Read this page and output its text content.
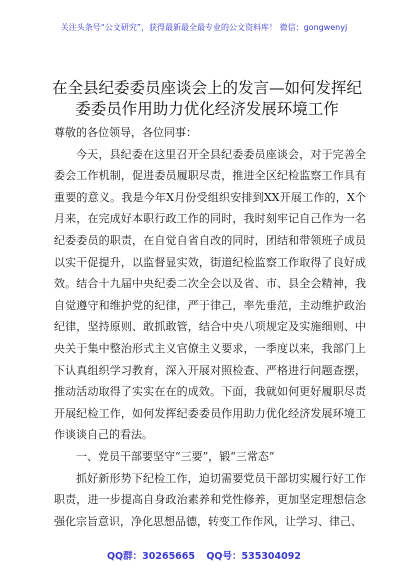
关注头条号“公文研究”，获得最新最全最专业的公文资料库！ 微信：gongwenyj
在全县纪委委员座谈会上的发言—如何发挥纪委委员作用助力优化经济发展环境工作

尊敬的各位领导，各位同事：

今天，县纪委在这里召开全县纪委委员座谈会，对于完善全委会工作机制，促进委员履职尽责，推进全区纪检监察工作具有重要的意义。我是今年X月份受组织安排到XX开展工作的，X个月来，在完成好本职行政工作的同时，我时刻牢记自己作为一名纪委委员的职责，在自觉自省自改的同时，团结和带领班子成员以实干促提升，以监督显实效，街道纪检监察工作取得了良好成效。结合十九届中央纪委二次全会以及省、市、县全会精神，我自觉遵守和维护党的纪律，严于律己，率先垂范，主动维护政治纪律，坚持原则、敢抓敢管，结合中央八项规定及实施细则、中央关于集中整治形式主义官僚主义要求，一季度以来，我部门上下认真组织学习教育，深入开展对照检查、严格进行问题查摆，推动活动取得了实实在在的成效。下面，我就如何更好履职尽责开展纪检工作，如何发挥纪委委员作用助力优化经济发展环境工作谈谈自己的看法。

一、党员干部要坚守“三要”，锻“三常态”

抓好新形势下纪检工作，迫切需要党员干部切实履行好工作职责，进一步提高自身政治素养和党性修养，更加坚定理想信念强化宗旨意识，净化思想品德，转变工作作风，让学习、律己、

QQ群：30265665 QQ号：535304092
